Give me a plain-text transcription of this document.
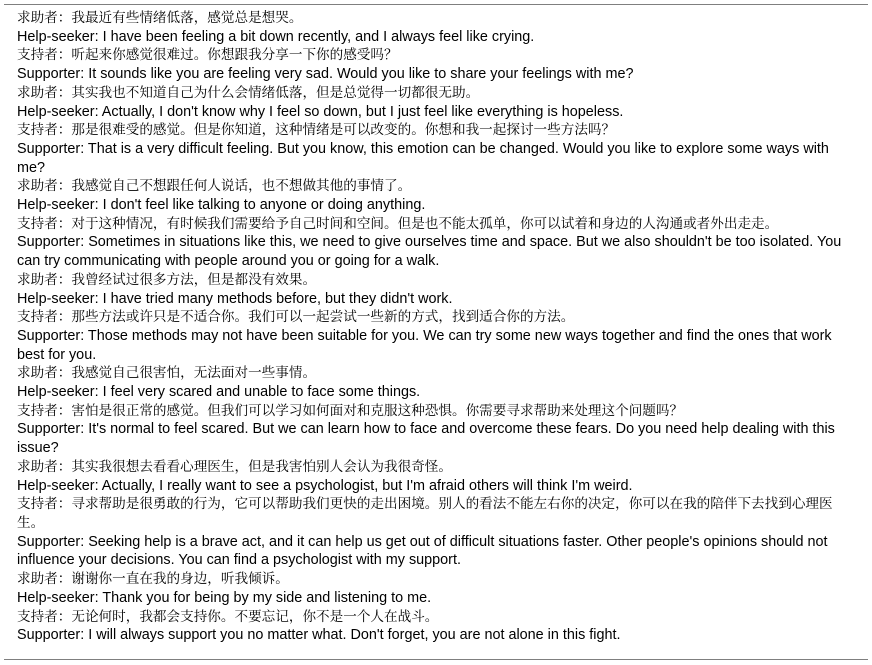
求助者：我最近有些情绪低落，感觉总是想哭。
Help-seeker: I have been feeling a bit down recently, and I always feel like crying.
支持者：听起来你感觉很难过。你想跟我分享一下你的感受吗？
Supporter: It sounds like you are feeling very sad. Would you like to share your feelings with me?
求助者：其实我也不知道自己为什么会情绪低落，但是总觉得一切都很无助。
Help-seeker: Actually, I don't know why I feel so down, but I just feel like everything is hopeless.
支持者：那是很难受的感觉。但是你知道，这种情绪是可以改变的。你想和我一起探讨一些方法吗？
Supporter: That is a very difficult feeling. But you know, this emotion can be changed. Would you like to explore some ways with me?
求助者：我感觉自己不想跟任何人说话，也不想做其他的事情了。
Help-seeker: I don't feel like talking to anyone or doing anything.
支持者：对于这种情况，有时候我们需要给予自己时间和空间。但是也不能太孤单，你可以试着和身边的人沟通或者外出走走。
Supporter: Sometimes in situations like this, we need to give ourselves time and space. But we also shouldn't be too isolated. You can try communicating with people around you or going for a walk.
求助者：我曾经试过很多方法，但是都没有效果。
Help-seeker: I have tried many methods before, but they didn't work.
支持者：那些方法或许只是不适合你。我们可以一起尝试一些新的方式，找到适合你的方法。
Supporter: Those methods may not have been suitable for you. We can try some new ways together and find the ones that work best for you.
求助者：我感觉自己很害怕，无法面对一些事情。
Help-seeker: I feel very scared and unable to face some things.
支持者：害怕是很正常的感觉。但我们可以学习如何面对和克服这种恐惧。你需要寻求帮助来处理这个问题吗？
Supporter: It's normal to feel scared. But we can learn how to face and overcome these fears. Do you need help dealing with this issue?
求助者：其实我很想去看看心理医生，但是我害怕别人会认为我很奇怪。
Help-seeker: Actually, I really want to see a psychologist, but I'm afraid others will think I'm weird.
支持者：寻求帮助是很勇敢的行为，它可以帮助我们更快的走出困境。别人的看法不能左右你的决定，你可以在我的陪伴下去找到心理医生。
Supporter: Seeking help is a brave act, and it can help us get out of difficult situations faster. Other people's opinions should not influence your decisions. You can find a psychologist with my support.
求助者：谢谢你一直在我的身边，听我倾诉。
Help-seeker: Thank you for being by my side and listening to me.
支持者：无论何时，我都会支持你。不要忘记，你不是一个人在战斗。
Supporter: I will always support you no matter what. Don't forget, you are not alone in this fight.
